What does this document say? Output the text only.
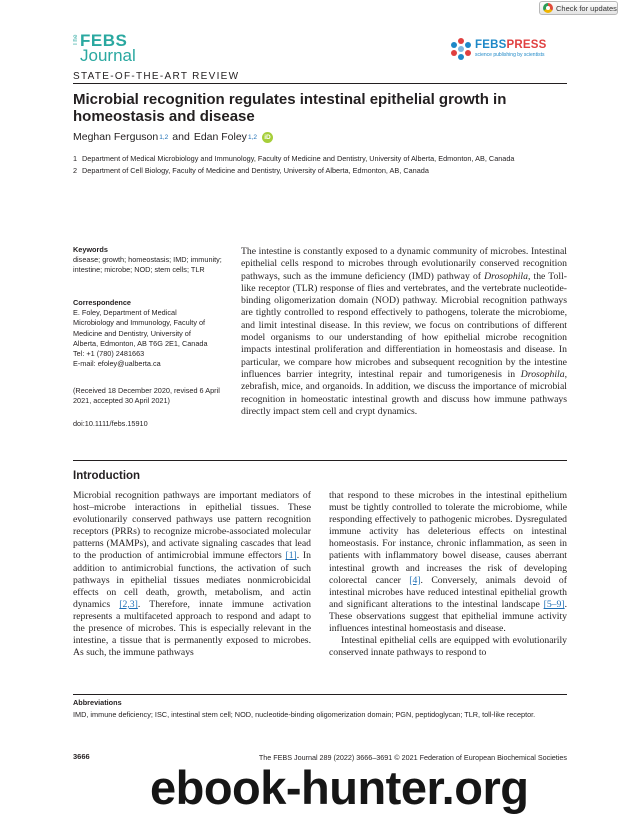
Check for updates
The FEBS
Journal
FEBSPRESS
science publishing by scientists
STATE-OF-THE-ART REVIEW
Microbial recognition regulates intestinal epithelial growth in homeostasis and disease
Meghan Ferguson 1,2 and Edan Foley 1,2	iD
1 Department of Medical Microbiology and Immunology, Faculty of Medicine and Dentistry, University of Alberta, Edmonton, AB, Canada
2 Department of Cell Biology, Faculty of Medicine and Dentistry, University of Alberta, Edmonton, AB, Canada
Keywords
disease; growth; homeostasis; IMD; immunity; intestine; microbe; NOD; stem cells; TLR
Correspondence
E. Foley, Department of Medical
Microbiology and Immunology, Faculty of
Medicine and Dentistry, University of
Alberta, Edmonton, AB T6G 2E1, Canada
Tel: +1 (780) 2481663
E-mail: efoley@ualberta.ca
(Received 18 December 2020, revised 6 April 2021, accepted 30 April 2021)
doi:10.1111/febs.15910
The intestine is constantly exposed to a dynamic community of microbes. Intestinal epithelial cells respond to microbes through evolutionarily conserved recognition pathways, such as the immune deficiency (IMD) pathway of Drosophila, the Toll-like receptor (TLR) response of flies and vertebrates, and the vertebrate nucleotide-binding oligomerization domain (NOD) pathway. Microbial recognition pathways are tightly controlled to respond effectively to pathogens, tolerate the microbiome, and limit intestinal disease. In this review, we focus on contributions of different model organisms to our understanding of how epithelial microbe recognition impacts intestinal proliferation and differentiation in homeostasis and disease. In particular, we compare how microbes and subsequent recognition by the intestine influences barrier integrity, intestinal repair and tumorigenesis in Drosophila, zebrafish, mice, and organoids. In addition, we discuss the importance of microbial recognition in homeostatic intestinal growth and discuss how immune pathways directly impact stem cell and crypt dynamics.
Introduction

Microbial recognition pathways are important mediators of host–microbe interactions in epithelial tissues. These evolutionarily conserved pathways use pattern recognition receptors (PRRs) to recognize microbe-associated molecular patterns (MAMPs), and activate signaling cascades that lead to the production of antimicrobial immune effectors [1]. In addition to antimicrobial functions, the activation of such pathways in epithelial tissues mediates nonmicrobicidal effects on cell death, growth, metabolism, and actin dynamics [2,3]. Therefore, innate immune activation represents a multifaceted approach to respond and adapt to the presence of microbes. This is especially relevant in the intestine, a tissue that is permanently exposed to microbes. As such, the immune pathways

that respond to these microbes in the intestinal epithelium must be tightly controlled to tolerate the microbiome, while responding effectively to pathogenic microbes. Dysregulated immune activity has deleterious effects on intestinal homeostasis. For instance, chronic inflammation, as seen in patients with inflammatory bowel disease, causes aberrant intestinal growth and increases the risk of developing colorectal cancer [4]. Conversely, animals devoid of intestinal microbes have reduced intestinal epithelial growth and significant alterations to the intestinal landscape [5–9]. These observations suggest that epithelial immune activity influences intestinal homeostasis and disease.

Intestinal epithelial cells are equipped with evolutionarily conserved innate pathways to respond to

Abbreviations
IMD, immune deficiency; ISC, intestinal stem cell; NOD, nucleotide-binding oligomerization domain; PGN, peptidoglycan; TLR, toll-like receptor.
3666	The FEBS Journal 289 (2022) 3666–3691 © 2021 Federation of European Biochemical Societies
ebook-hunter.org
